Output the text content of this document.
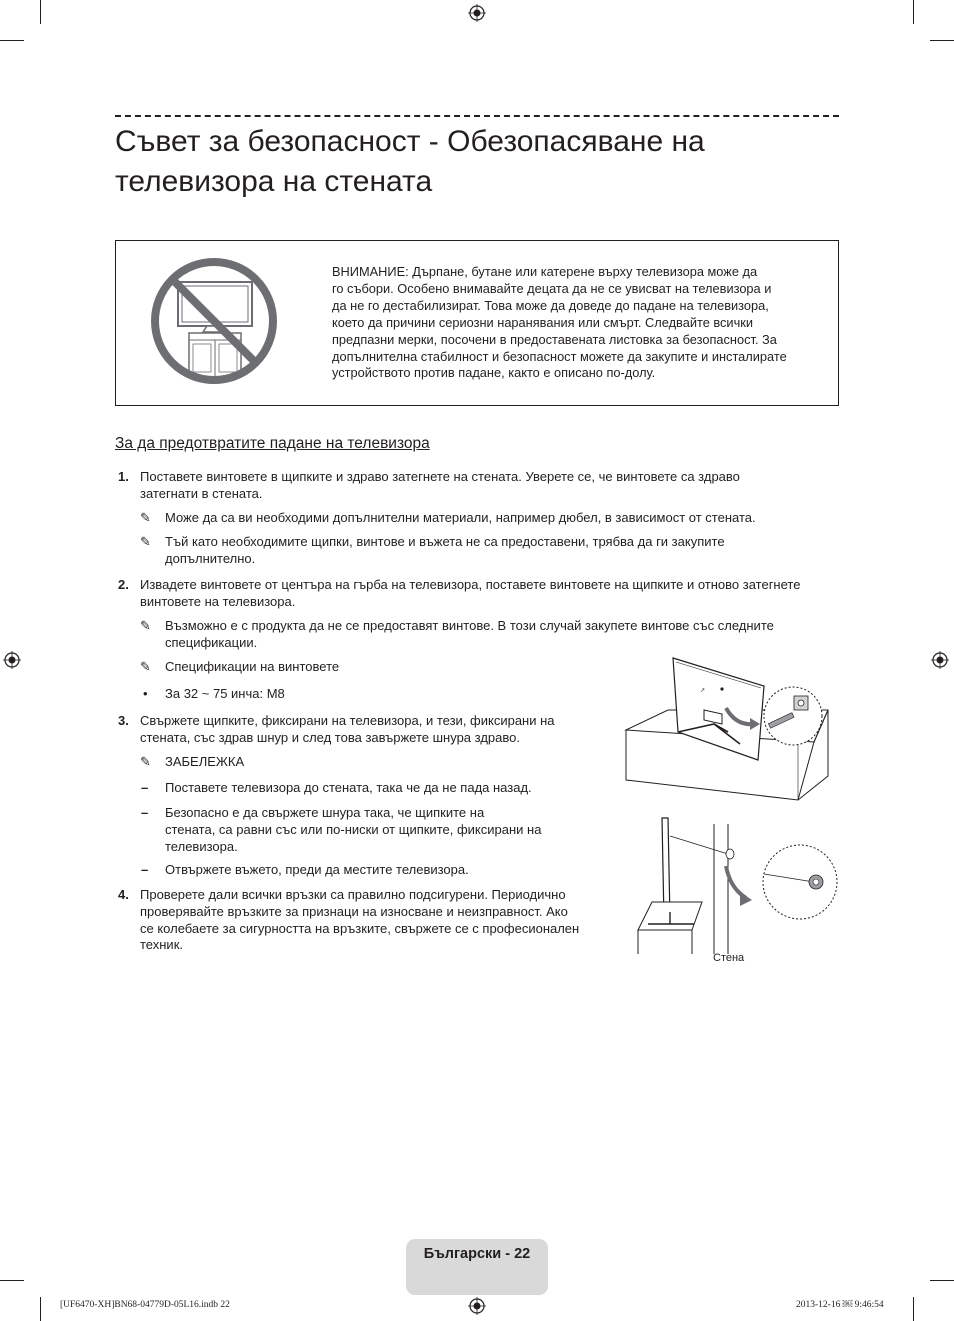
Съвет за безопасност - Обезопасяване на
телевизора на стената
ВНИМАНИЕ: Дърпане, бутане или катерене върху телевизора може да
го събори. Особено внимавайте децата да не се увисват на телевизора и
да не го дестабилизират. Това може да доведе до падане на телевизора,
което да причини сериозни наранявания или смърт. Следвайте всички
предпазни мерки, посочени в предоставената листовка за безопасност. За
допълнителна стабилност и безопасност можете да закупите и инсталирате
устройството против падане, както е описано по-долу.
За да предотвратите падане на телевизора
1. Поставете винтовете в щипките и здраво затегнете на стената. Уверете се, че винтовете са здраво
затегнати в стената.
✎ Може да са ви необходими допълнителни материали, например дюбел, в зависимост от стената.
✎ Тъй като необходимите щипки, винтове и въжета не са предоставени, трябва да ги закупите
допълнително.
2. Извадете винтовете от центъра на гърба на телевизора, поставете винтовете на щипките и отново затегнете
винтовете на телевизора.
✎ Възможно е с продукта да не се предоставят винтове. В този случай закупете винтове със следните
спецификации.
✎ Спецификации на винтовете
• За 32 ~ 75 инча: M8
3. Свържете щипките, фиксирани на телевизора, и тези, фиксирани на
стената, със здрав шнур и след това завържете шнура здраво.
✎ ЗАБЕЛЕЖКА
– Поставете телевизора до стената, така че да не пада назад.
– Безопасно е да свържете шнура така, че щипките на
стената, са равни със или по-ниски от щипките, фиксирани на
телевизора.
– Отвържете въжето, преди да местите телевизора.
4. Проверете дали всички връзки са правилно подсигурени. Периодично
проверявайте връзките за признаци на износване и неизправност. Ако
се колебаете за сигурността на връзките, свържете се с професионален
техник.
↗
Стена
Български - 22
[UF6470-XH]BN68-04779D-05L16.indb 22	2013-12-16 ￼ 9:46:54
